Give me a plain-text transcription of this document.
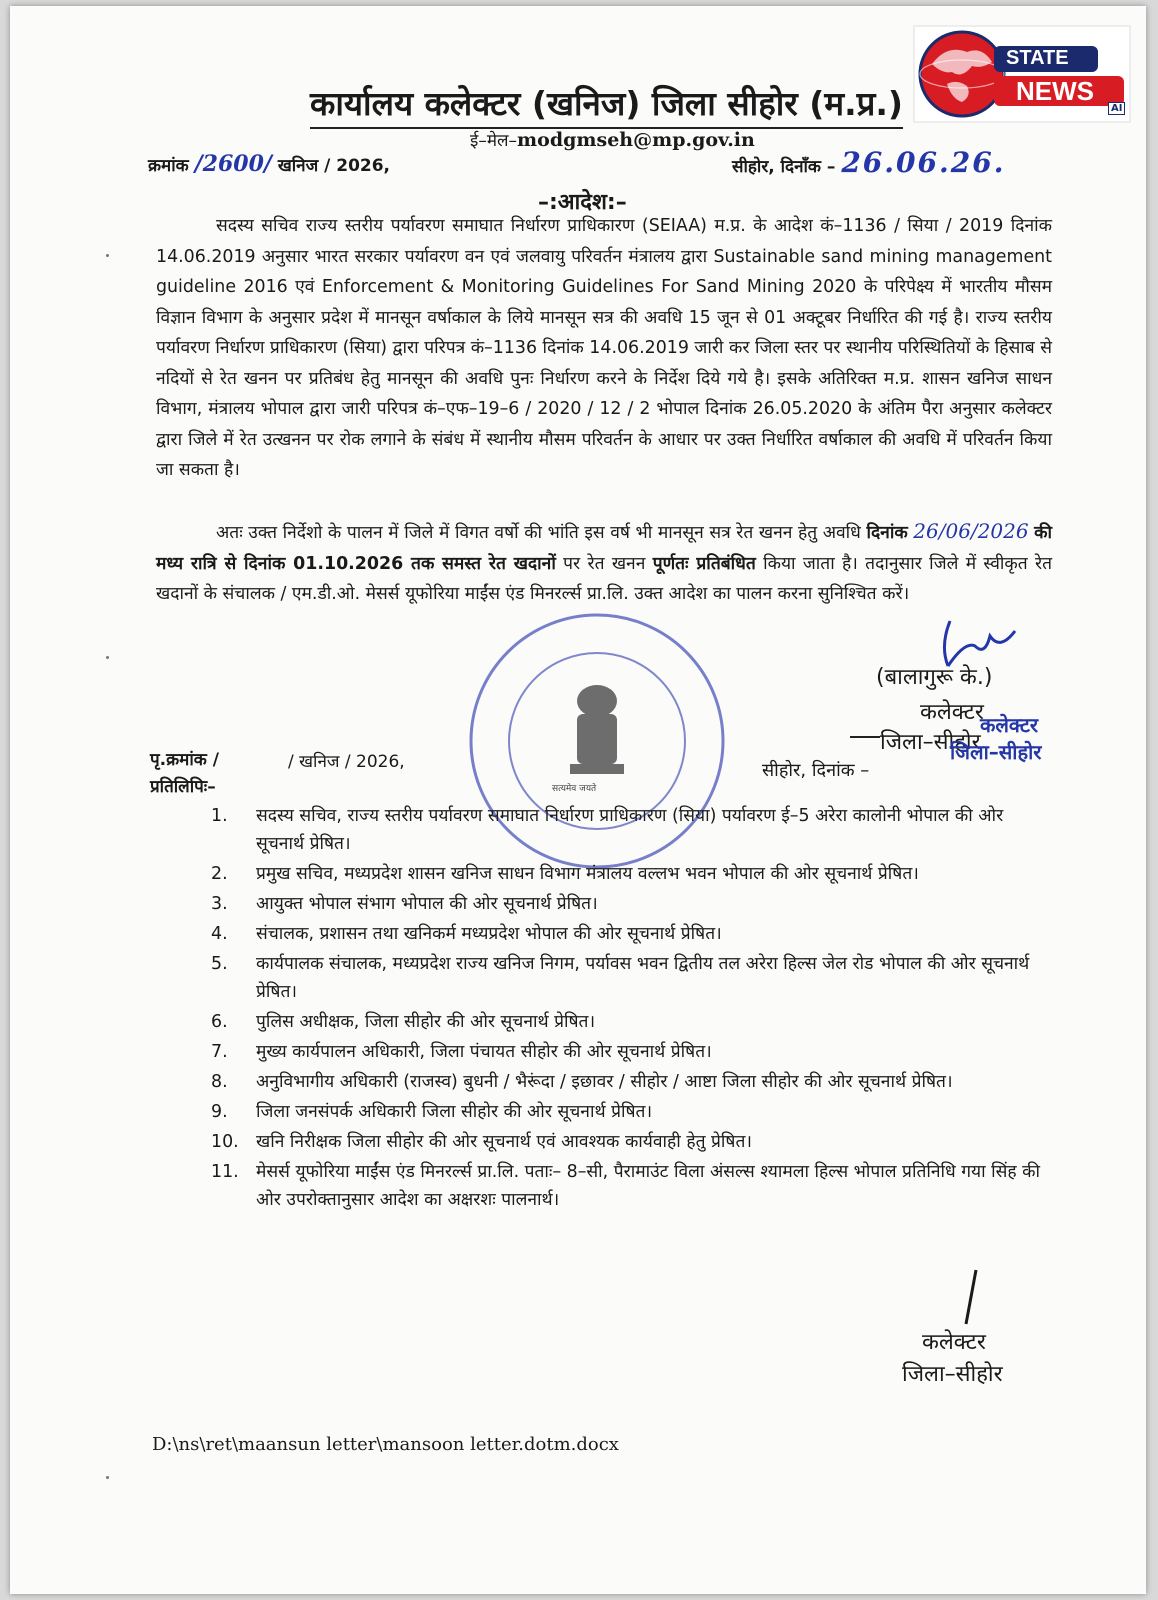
STATE
NEWS
AI
कार्यालय कलेक्टर (खनिज) जिला सीहोर (म.प्र.)
ई–मेल–modgmseh@mp.gov.in
क्रमांक /2600/ खनिज / 2026,	सीहोर, दिनाँक – 26.06.26.
–:आदेश:–
सदस्य सचिव राज्य स्तरीय पर्यावरण समाघात निर्धारण प्राधिकारण (SEIAA) म.प्र. के आदेश कं–1136 / सिया / 2019 दिनांक 14.06.2019 अनुसार भारत सरकार पर्यावरण वन एवं जलवायु परिवर्तन मंत्रालय द्वारा Sustainable sand mining management guideline 2016 एवं Enforcement & Monitoring Guidelines For Sand Mining 2020 के परिपेक्ष्य में भारतीय मौसम विज्ञान विभाग के अनुसार प्रदेश में मानसून वर्षाकाल के लिये मानसून सत्र की अवधि 15 जून से 01 अक्टूबर निर्धारित की गई है। राज्य स्तरीय पर्यावरण निर्धारण प्राधिकारण (सिया) द्वारा परिपत्र कं–1136 दिनांक 14.06.2019 जारी कर जिला स्तर पर स्थानीय परिस्थितियों के हिसाब से नदियों से रेत खनन पर प्रतिबंध हेतु मानसून की अवधि पुनः निर्धारण करने के निर्देश दिये गये है। इसके अतिरिक्त म.प्र. शासन खनिज साधन विभाग, मंत्रालय भोपाल द्वारा जारी परिपत्र कं–एफ–19–6 / 2020 / 12 / 2 भोपाल दिनांक 26.05.2020 के अंतिम पैरा अनुसार कलेक्टर द्वारा जिले में रेत उत्खनन पर रोक लगाने के संबंध में स्थानीय मौसम परिवर्तन के आधार पर उक्त निर्धारित वर्षाकाल की अवधि में परिवर्तन किया जा सकता है।
अतः उक्त निर्देशो के पालन में जिले में विगत वर्षो की भांति इस वर्ष भी मानसून सत्र रेत खनन हेतु अवधि दिनांक 26/06/2026 की मध्य रात्रि से दिनांक 01.10.2026 तक समस्त रेत खदानों पर रेत खनन पूर्णतः प्रतिबंधित किया जाता है। तदानुसार जिले में स्वीकृत रेत खदानों के संचालक / एम.डी.ओ. मेसर्स यूफोरिया माईंस एंड मिनरर्ल्स प्रा.लि. उक्त आदेश का पालन करना सुनिश्चित करें।
सत्यमेव जयते
(बालागुरू के.)
कलेक्टर
जिला–सीहोर
कलेक्टर
जिला–सीहोर
पृ.क्रमांक /	/ खनिज / 2026,	सीहोर, दिनांक –
प्रतिलिपिः–
1.	सदस्य सचिव, राज्य स्तरीय पर्यावरण समाघात निर्धारण प्राधिकारण (सिया) पर्यावरण ई–5 अरेरा कालोनी भोपाल की ओर सूचनार्थ प्रेषित।
2.	प्रमुख सचिव, मध्यप्रदेश शासन खनिज साधन विभाग मंत्रालय वल्लभ भवन भोपाल की ओर सूचनार्थ प्रेषित।
3.	आयुक्त भोपाल संभाग भोपाल की ओर सूचनार्थ प्रेषित।
4.	संचालक, प्रशासन तथा खनिकर्म मध्यप्रदेश भोपाल की ओर सूचनार्थ प्रेषित।
5.	कार्यपालक संचालक, मध्यप्रदेश राज्य खनिज निगम, पर्यावस भवन द्वितीय तल अरेरा हिल्स जेल रोड भोपाल की ओर सूचनार्थ प्रेषित।
6.	पुलिस अधीक्षक, जिला सीहोर की ओर सूचनार्थ प्रेषित।
7.	मुख्य कार्यपालन अधिकारी, जिला पंचायत सीहोर की ओर सूचनार्थ प्रेषित।
8.	अनुविभागीय अधिकारी (राजस्व) बुधनी / भैरूंदा / इछावर / सीहोर / आष्टा जिला सीहोर की ओर सूचनार्थ प्रेषित।
9.	जिला जनसंपर्क अधिकारी जिला सीहोर की ओर सूचनार्थ प्रेषित।
10. खनि निरीक्षक जिला सीहोर की ओर सूचनार्थ एवं आवश्यक कार्यवाही हेतु प्रेषित।
11. मेसर्स यूफोरिया माईंस एंड मिनरर्ल्स प्रा.लि. पताः– 8–सी, पैरामाउंट विला अंसल्स श्यामला हिल्स भोपाल प्रतिनिधि गया सिंह की ओर उपरोक्तानुसार आदेश का अक्षरशः पालनार्थ।
कलेक्टर
जिला–सीहोर
D:\ns\ret\maansun letter\mansoon letter.dotm.docx
